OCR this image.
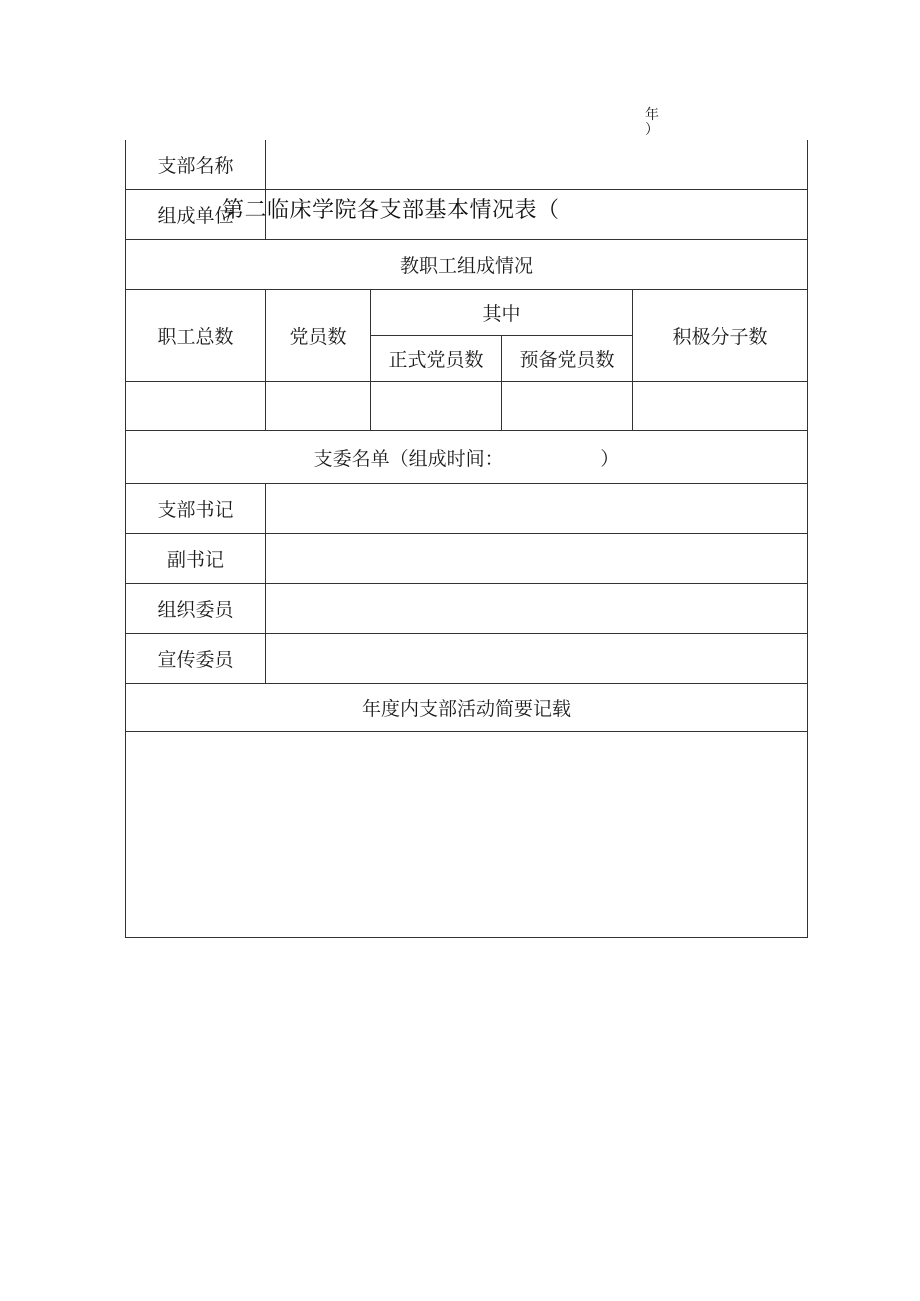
年
）
支部名称				
组成单位				
教职工组成情况				
职工总数	党员数	其中		积极分子数
		正式党员数	预备党员数	

支委名单（组成时间：                ）				
支部书记				
副书记				
组织委员				
宣传委员				
年度内支部活动简要记载				

第二临床学院各支部基本情况表（
